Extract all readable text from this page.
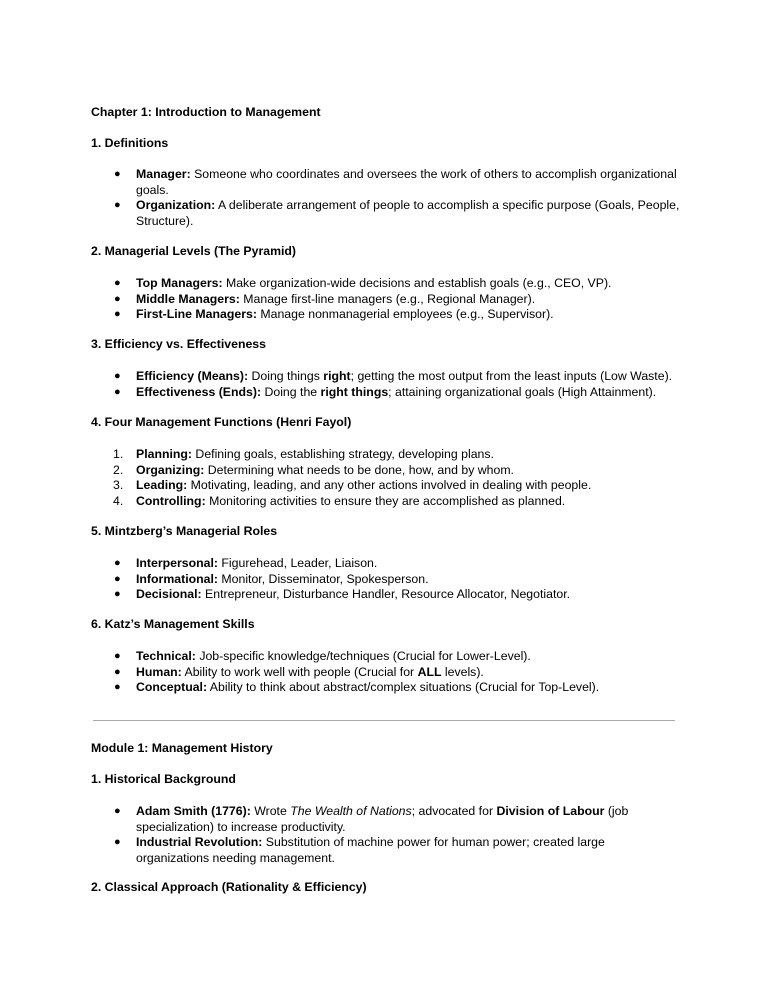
Chapter 1: Introduction to Management
1. Definitions
● Manager: Someone who coordinates and oversees the work of others to accomplish organizational goals.
● Organization: A deliberate arrangement of people to accomplish a specific purpose (Goals, People, Structure).
2. Managerial Levels (The Pyramid)
● Top Managers: Make organization-wide decisions and establish goals (e.g., CEO, VP).
● Middle Managers: Manage first-line managers (e.g., Regional Manager).
● First-Line Managers: Manage nonmanagerial employees (e.g., Supervisor).
3. Efficiency vs. Effectiveness
● Efficiency (Means): Doing things right; getting the most output from the least inputs (Low Waste).
● Effectiveness (Ends): Doing the right things; attaining organizational goals (High Attainment).
4. Four Management Functions (Henri Fayol)
1. Planning: Defining goals, establishing strategy, developing plans.
2. Organizing: Determining what needs to be done, how, and by whom.
3. Leading: Motivating, leading, and any other actions involved in dealing with people.
4. Controlling: Monitoring activities to ensure they are accomplished as planned.
5. Mintzberg’s Managerial Roles
● Interpersonal: Figurehead, Leader, Liaison.
● Informational: Monitor, Disseminator, Spokesperson.
● Decisional: Entrepreneur, Disturbance Handler, Resource Allocator, Negotiator.
6. Katz’s Management Skills
● Technical: Job-specific knowledge/techniques (Crucial for Lower-Level).
● Human: Ability to work well with people (Crucial for ALL levels).
● Conceptual: Ability to think about abstract/complex situations (Crucial for Top-Level).
Module 1: Management History
1. Historical Background
● Adam Smith (1776): Wrote The Wealth of Nations; advocated for Division of Labour (job specialization) to increase productivity.
● Industrial Revolution: Substitution of machine power for human power; created large organizations needing management.
2. Classical Approach (Rationality & Efficiency)
